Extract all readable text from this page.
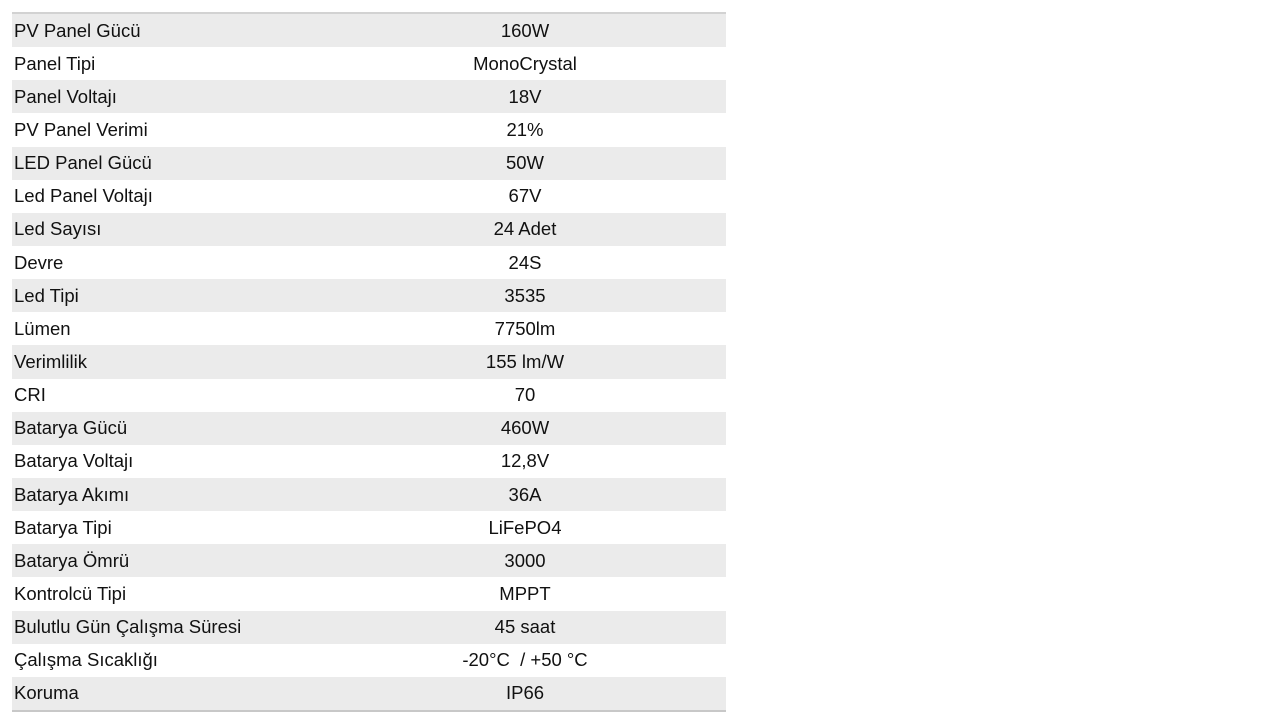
PV Panel Gücü	160W
Panel Tipi	MonoCrystal
Panel Voltajı	18V
PV Panel Verimi	21%
LED Panel Gücü	50W
Led Panel Voltajı	67V
Led Sayısı	24 Adet
Devre	24S
Led Tipi	3535
Lümen	7750lm
Verimlilik	155 lm/W
CRI	70
Batarya Gücü	460W
Batarya Voltajı	12,8V
Batarya Akımı	36A
Batarya Tipi	LiFePO4
Batarya Ömrü	3000
Kontrolcü Tipi	MPPT
Bulutlu Gün Çalışma Süresi	45 saat
Çalışma Sıcaklığı	-20°C  / +50 °C
Koruma	IP66
